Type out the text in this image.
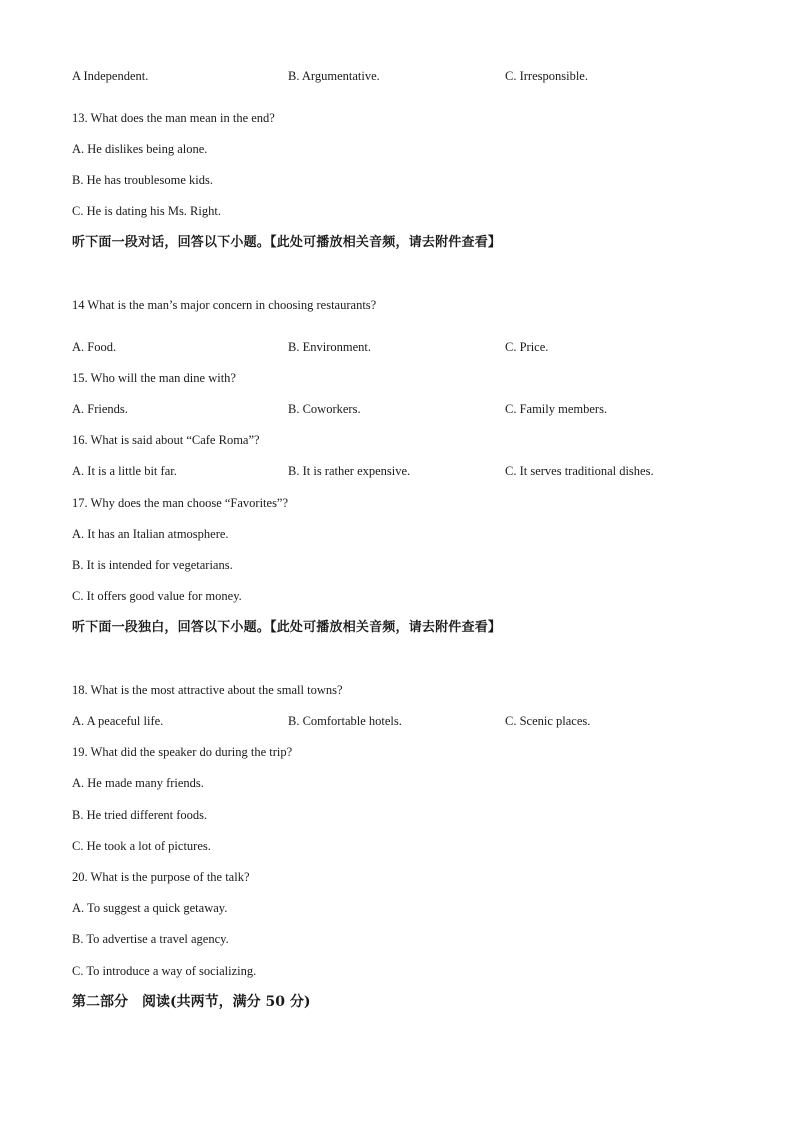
A Independent.	B. Argumentative.	C. Irresponsible.
13. What does the man mean in the end?
A. He dislikes being alone.
B. He has troublesome kids.
C. He is dating his Ms. Right.
听下面一段对话，回答以下小题。【此处可播放相关音频，请去附件查看】
14 What is the man’s major concern in choosing restaurants?
A. Food.	B. Environment.	C. Price.
15. Who will the man dine with?
A. Friends.	B. Coworkers.	C. Family members.
16. What is said about “Cafe Roma”?
A. It is a little bit far.	B. It is rather expensive.	C. It serves traditional dishes.
17. Why does the man choose “Favorites”?
A. It has an Italian atmosphere.
B. It is intended for vegetarians.
C. It offers good value for money.
听下面一段独白，回答以下小题。【此处可播放相关音频，请去附件查看】
18. What is the most attractive about the small towns?
A. A peaceful life.	B. Comfortable hotels.	C. Scenic places.
19. What did the speaker do during the trip?
A. He made many friends.
B. He tried different foods.
C. He took a lot of pictures.
20. What is the purpose of the talk?
A. To suggest a quick getaway.
B. To advertise a travel agency.
C. To introduce a way of socializing.
第二部分　阅读(共两节，满分 50 分)
